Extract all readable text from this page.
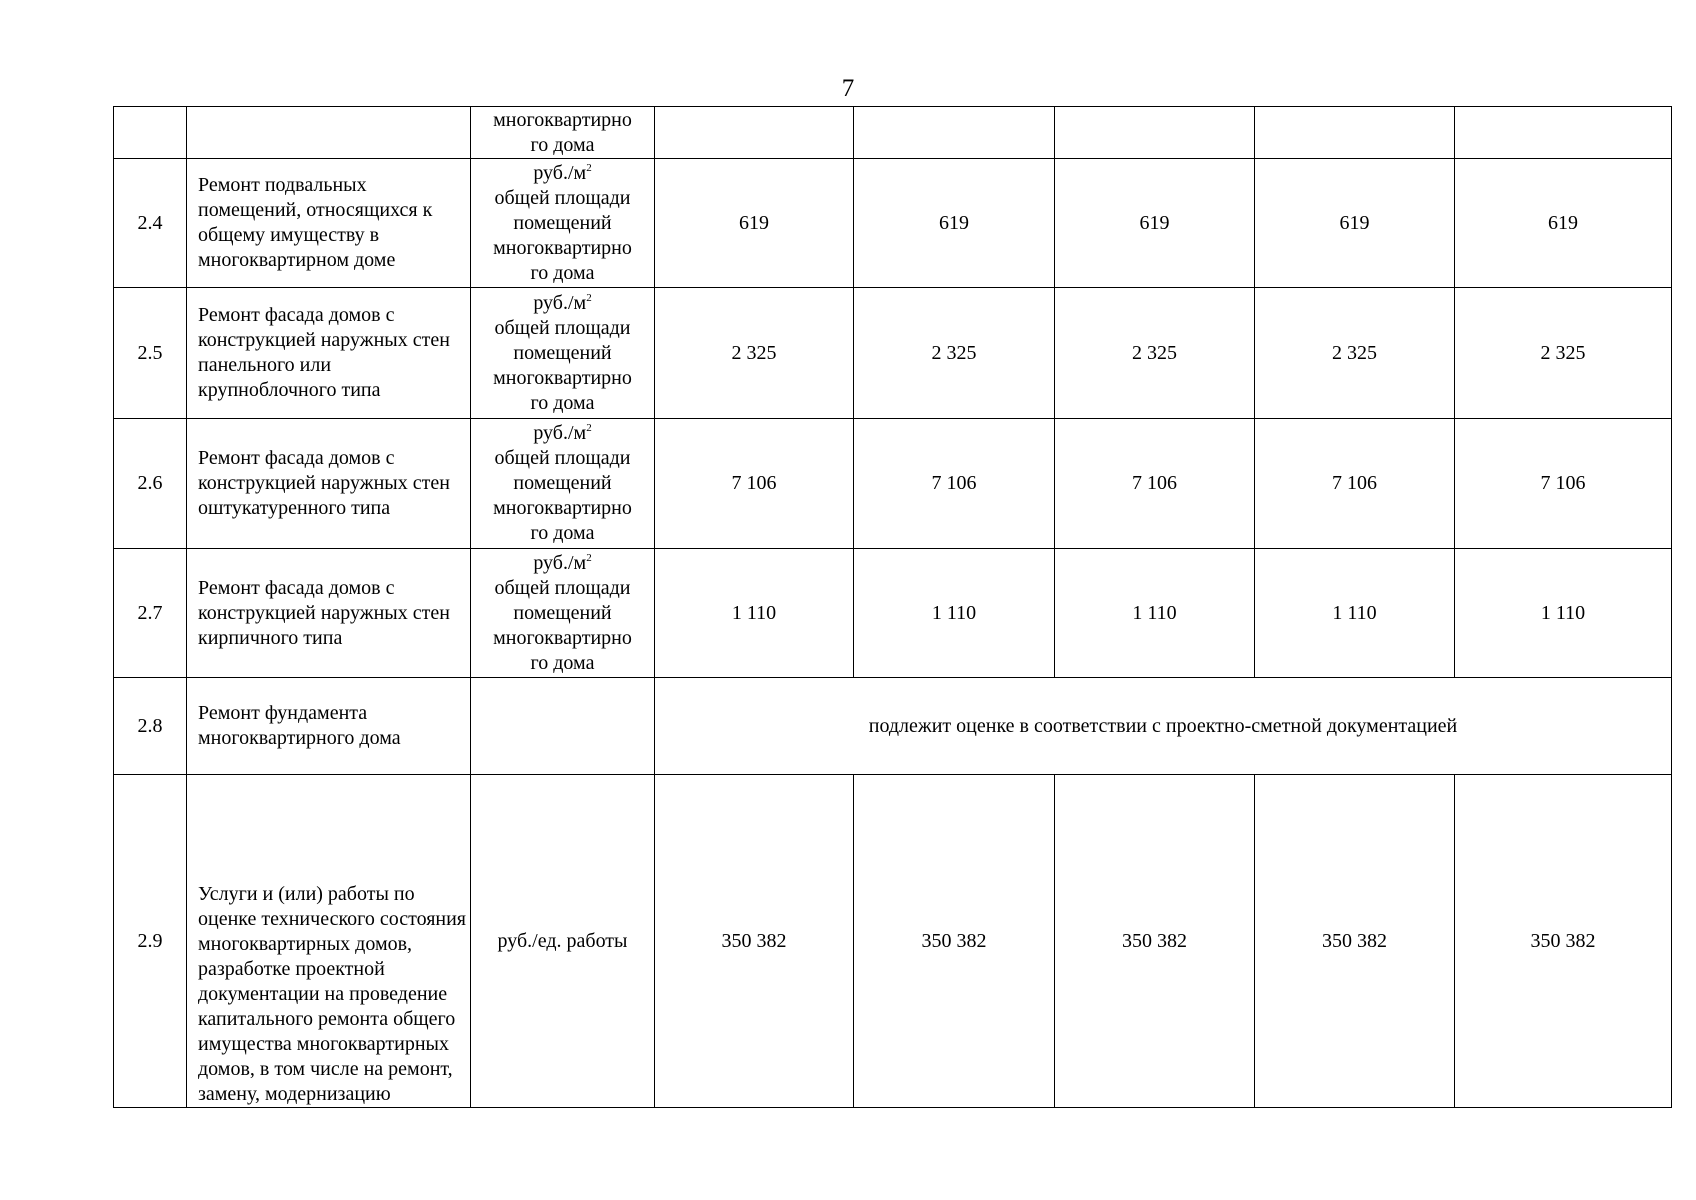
7

		многоквартирно
го дома					

2.4	Ремонт подвальных помещений, относящихся к общему имуществу в многоквартирном доме	$руб./м^2$
общей площади
помещений
многоквартирно
го дома	619	619	619	619	619
2.5	Ремонт фасада домов с конструкцией наружных стен панельного или крупноблочного типа	$руб./м^2$
общей площади
помещений
многоквартирно
го дома	2 325	2 325	2 325	2 325	2 325
2.6	Ремонт фасада домов с конструкцией наружных стен оштукатуренного типа	$руб./м^2$
общей площади
помещений
многоквартирно
го дома	7 106	7 106	7 106	7 106	7 106
2.7	Ремонт фасада домов с конструкцией наружных стен кирпичного типа	$руб./м^2$
общей площади
помещений
многоквартирно
го дома	1 110	1 110	1 110	1 110	1 110
2.8	Ремонт фундамента многоквартирного дома		подлежит оценке в соответствии с проектно-сметной документацией				
2.9	Услуги и (или) работы по оценке технического состояния многоквартирных домов, разработке проектной документации на проведение капитального ремонта общего имущества многоквартирных домов, в том числе на ремонт, замену, модернизацию	руб./ед. работы	350 382	350 382	350 382	350 382	350 382
